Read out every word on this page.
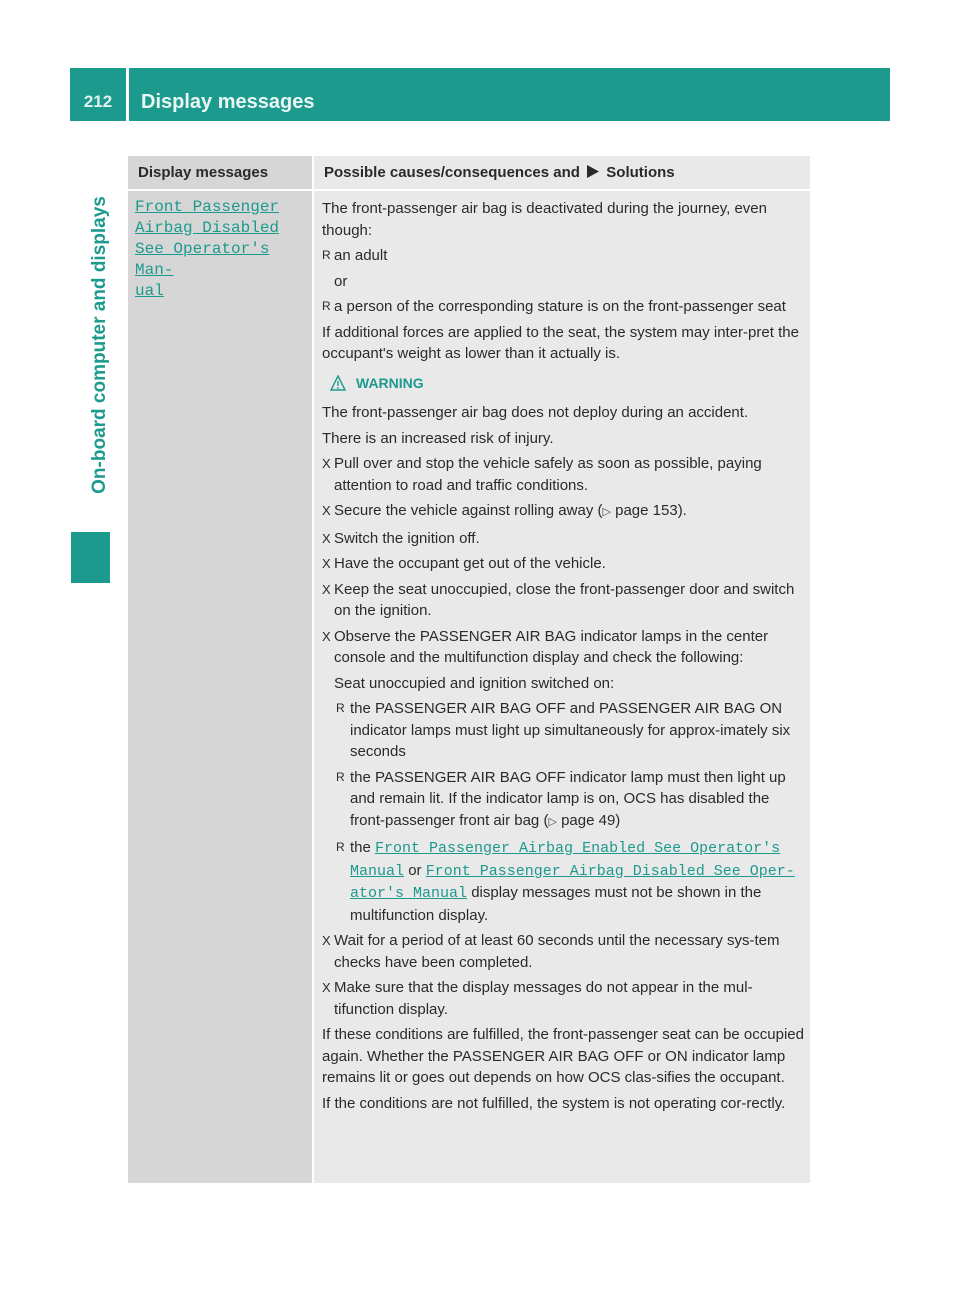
212	Display messages
On-board computer and displays
Display messages	Possible causes/consequences and Solutions
Front Passenger
Airbag Disabled
See Operator's Man-
ual

The front-passenger air bag is deactivated during the journey, even though:

R an adult
or
R a person of the corresponding stature is on the front-passenger seat

If additional forces are applied to the seat, the system may inter-pret the occupant's weight as lower than it actually is.

WARNING

The front-passenger air bag does not deploy during an accident.

There is an increased risk of injury.

X Pull over and stop the vehicle safely as soon as possible, paying attention to road and traffic conditions.
X Secure the vehicle against rolling away (▷ page 153).
X Switch the ignition off.
X Have the occupant get out of the vehicle.
X Keep the seat unoccupied, close the front-passenger door and switch on the ignition.
X Observe the PASSENGER AIR BAG indicator lamps in the center console and the multifunction display and check the following:
Seat unoccupied and ignition switched on:
R the PASSENGER AIR BAG OFF and PASSENGER AIR BAG ON indicator lamps must light up simultaneously for approx-imately six seconds
R the PASSENGER AIR BAG OFF indicator lamp must then light up and remain lit. If the indicator lamp is on, OCS has disabled the front-passenger front air bag (▷ page 49)
R the Front Passenger Airbag Enabled See Operator's Manual or Front Passenger Airbag Disabled See Oper-ator's Manual display messages must not be shown in the multifunction display.
X Wait for a period of at least 60 seconds until the necessary sys-tem checks have been completed.
X Make sure that the display messages do not appear in the mul-tifunction display.

If these conditions are fulfilled, the front-passenger seat can be occupied again. Whether the PASSENGER AIR BAG OFF or ON indicator lamp remains lit or goes out depends on how OCS clas-sifies the occupant.

If the conditions are not fulfilled, the system is not operating cor-rectly.
